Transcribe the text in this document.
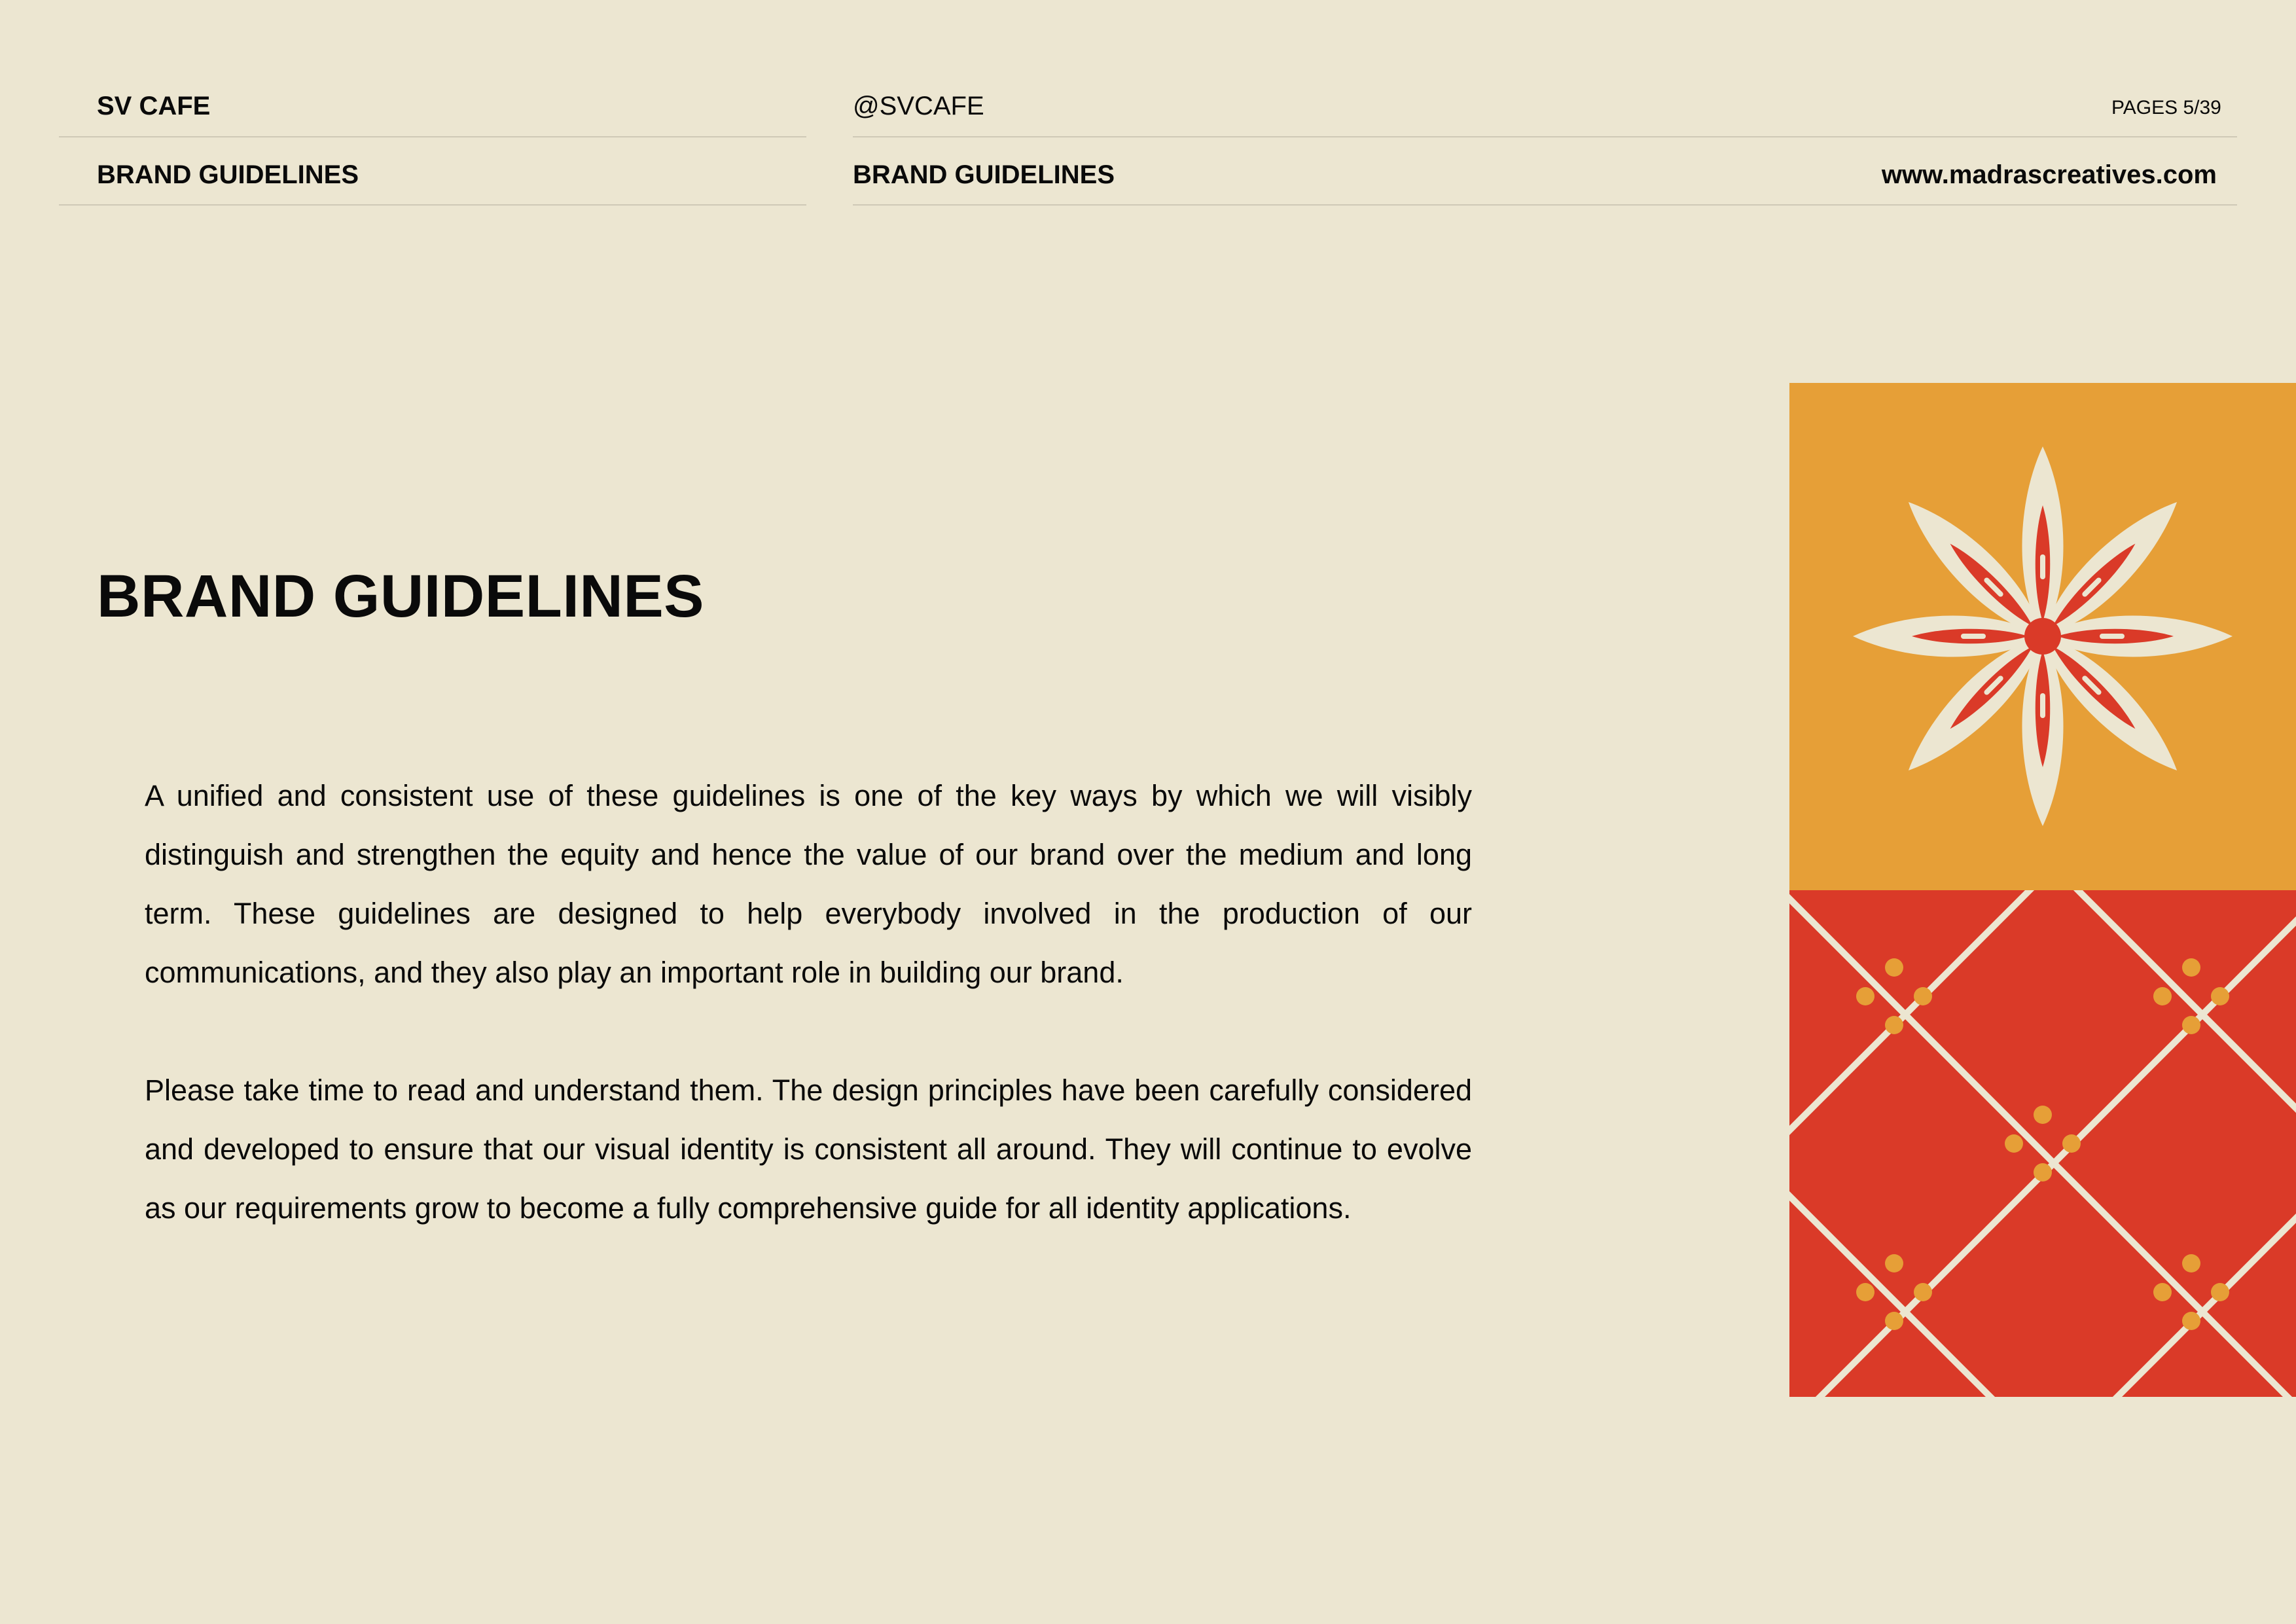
SV CAFE
BRAND GUIDELINES
@SVCAFE	PAGES 5/39
BRAND GUIDELINES	www.madrascreatives.com
BRAND GUIDELINES

A unified and consistent use of these guidelines is one of the key ways by which we will visibly distinguish and strengthen the equity and hence the value of our brand over the medium and long term. These guidelines are designed to help everybody involved in the production of our communications, and they also play an important role in building our brand.

Please take time to read and understand them. The design principles have been carefully considered and developed to ensure that our visual identity is consistent all around. They will continue to evolve as our requirements grow to become a fully comprehensive guide for all identity applications.
